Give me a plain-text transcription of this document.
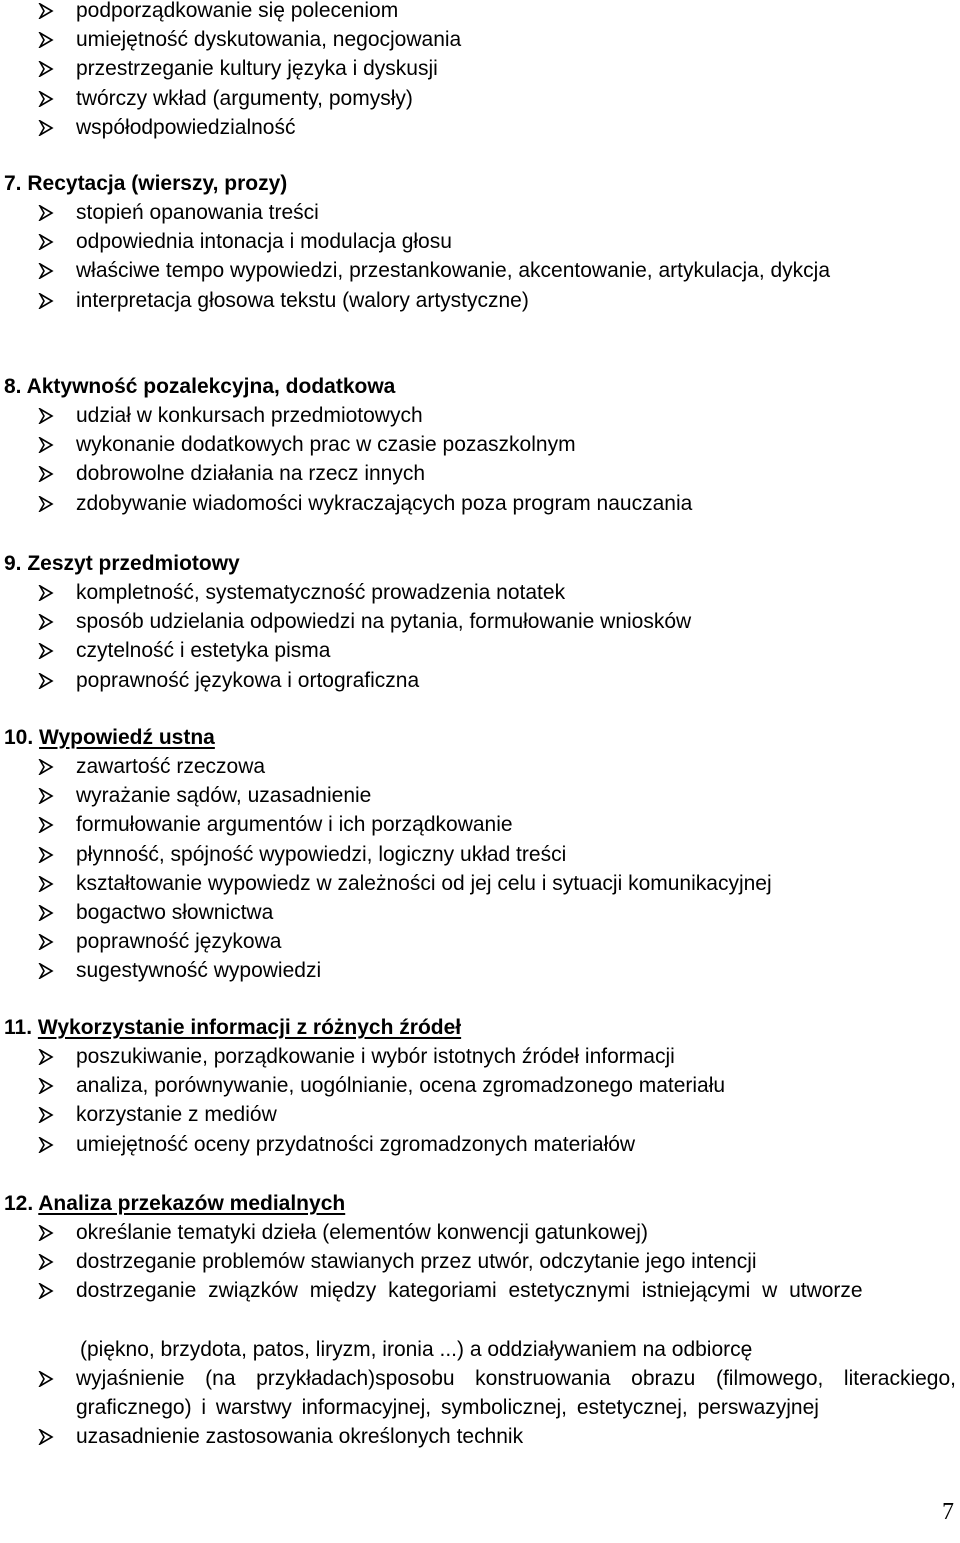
podporządkowanie się poleceniom
umiejętność dyskutowania, negocjowania
przestrzeganie kultury języka i dyskusji
twórczy wkład (argumenty, pomysły)
współodpowiedzialność
7. Recytacja (wierszy, prozy)
stopień opanowania treści
odpowiednia intonacja i modulacja głosu
właściwe tempo wypowiedzi, przestankowanie, akcentowanie, artykulacja, dykcja
interpretacja głosowa tekstu (walory artystyczne)
8. Aktywność pozalekcyjna, dodatkowa
udział w konkursach przedmiotowych
wykonanie dodatkowych prac w czasie pozaszkolnym
dobrowolne działania na rzecz innych
zdobywanie wiadomości wykraczających poza program nauczania
9. Zeszyt przedmiotowy
kompletność, systematyczność prowadzenia notatek
sposób udzielania odpowiedzi na pytania, formułowanie wniosków
czytelność i estetyka pisma
poprawność językowa i ortograficzna
10. Wypowiedź ustna
zawartość rzeczowa
wyrażanie sądów, uzasadnienie
formułowanie argumentów i ich porządkowanie
płynność, spójność wypowiedzi, logiczny układ treści
kształtowanie wypowiedz w zależności od jej celu i sytuacji komunikacyjnej
bogactwo słownictwa
poprawność językowa
sugestywność wypowiedzi
11. Wykorzystanie informacji z różnych źródeł
poszukiwanie, porządkowanie i wybór istotnych źródeł informacji
analiza, porównywanie, uogólnianie, ocena zgromadzonego materiału
korzystanie z mediów
umiejętność oceny przydatności zgromadzonych materiałów
12. Analiza przekazów medialnych
określanie tematyki dzieła (elementów konwencji gatunkowej)
dostrzeganie problemów stawianych przez utwór, odczytanie jego intencji
dostrzeganie związków między kategoriami estetycznymi istniejącymi w utworze
(piękno, brzydota, patos, liryzm, ironia ...) a oddziaływaniem na odbiorcę
wyjaśnienie (na przykładach)sposobu konstruowania obrazu (filmowego, literackiego, graficznego) i warstwy informacyjnej, symbolicznej, estetycznej, perswazyjnej
uzasadnienie zastosowania określonych technik
7
